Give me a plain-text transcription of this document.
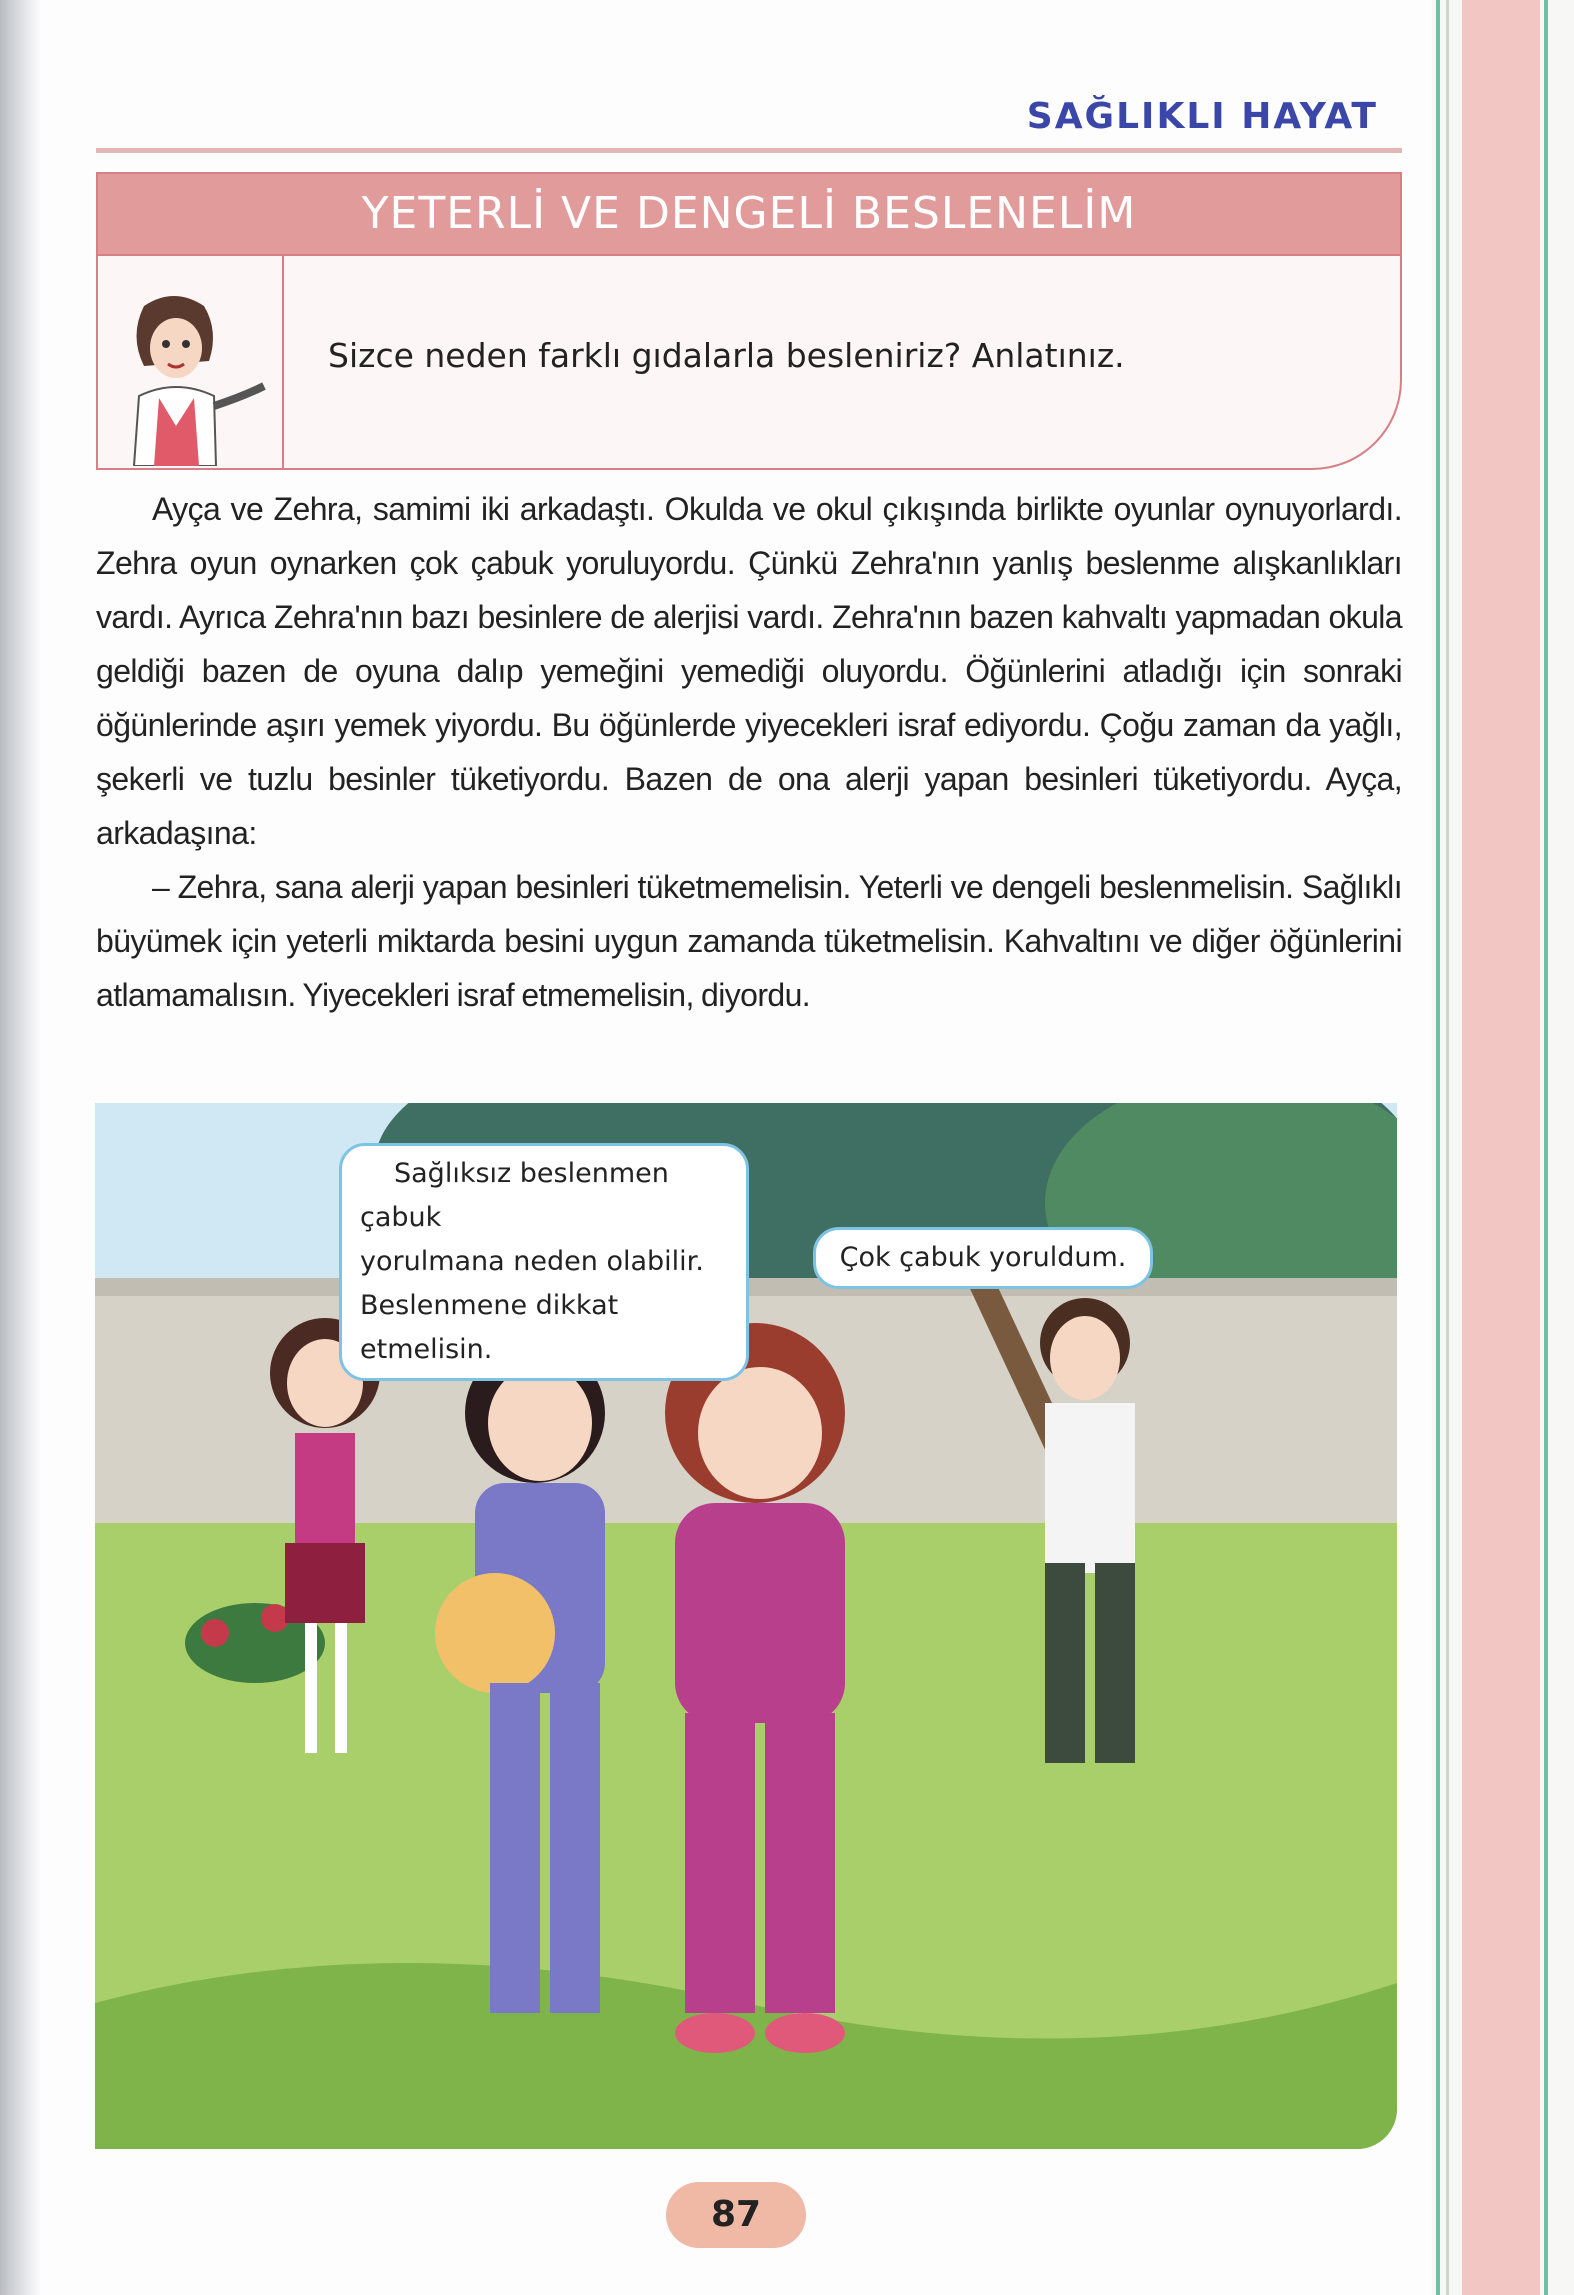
SAĞLIKLI HAYAT
YETERLİ VE DENGELİ BESLENELİM
Sizce neden farklı gıdalarla besleniriz? Anlatınız.

Ayça ve Zehra, samimi iki arkadaştı. Okulda ve okul çıkışında birlikte oyunlar oynuyorlardı. Zehra oyun oynarken çok çabuk yoruluyordu. Çünkü Zehra'nın yanlış beslenme alışkanlıkları vardı. Ayrıca Zehra'nın bazı besinlere de alerjisi vardı. Zehra'nın bazen kahvaltı yapmadan okula geldiği bazen de oyuna dalıp yemeğini yemediği oluyordu. Öğünlerini atladığı için sonraki öğünlerinde aşırı yemek yiyordu. Bu öğünlerde yiyecekleri israf ediyordu. Çoğu zaman da yağlı, şekerli ve tuzlu besinler tüketiyordu. Bazen de ona alerji yapan besinleri tüketiyordu. Ayça, arkadaşına:

– Zehra, sana alerji yapan besinleri tüketmemelisin. Yeterli ve dengeli beslenmelisin. Sağlıklı büyümek için yeterli miktarda besini uygun zamanda tüketmelisin. Kahvaltını ve diğer öğünlerini atlamamalısın. Yiyecekleri israf etmemelisin, diyordu.

Sağlıksız beslenmen çabuk
yorulmana neden olabilir.
Beslenmene dikkat etmelisin.
Çok çabuk yoruldum.
87
